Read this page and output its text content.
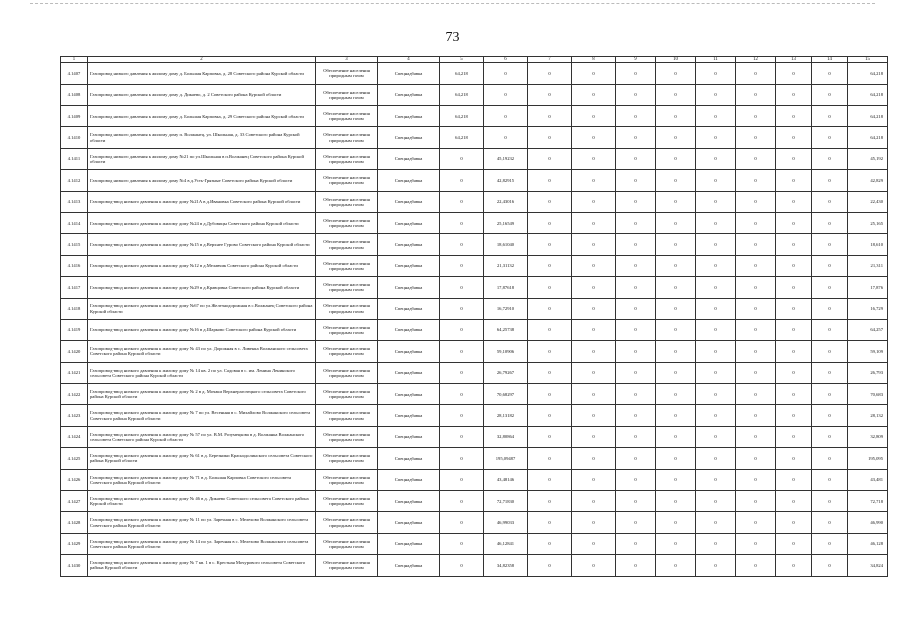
73
1	2	3	4	5	6	7	8	9	10	11	12	13	14	15
4.1407	Газопровод низкого давления к жилому дому д. Большая Карповка, д. 28 Советского района Курской области	Обеспечение населения природным газом	Спецнадбавка	64,218	0	0	0	0	0	0	0	0	0	64,218
4.1408	Газопровод низкого давления к жилому дому д. Дикаевo, д. 2 Советского района Курской области	Обеспечение населения природным газом	Спецнадбавка	64,218	0	0	0	0	0	0	0	0	0	64,218
4.1409	Газопровод низкого давления к жилому дому д. Большая Карповка, д. 29 Советского района Курской области	Обеспечение населения природным газом	Спецнадбавка	64,218	0	0	0	0	0	0	0	0	0	64,218
4.1410	Газопровод низкого давления к жилому дому п. Волжанец, ул. Школьная, д. 33 Советского района Курской области	Обеспечение населения природным газом	Спецнадбавка	64,218	0	0	0	0	0	0	0	0	0	64,218
4.1411	Газопровод низкого давления к жилому дому №21 по ул.Школьная в п.Волжанец Советского района Курской области	Обеспечение населения природным газом	Спецнадбавка	0	45,19232	0	0	0	0	0	0	0	0	45,192
4.1412	Газопровод низкого давления к жилому дому №4 в д.Усть-Грязные Советского района Курской области	Обеспечение населения природным газом	Спецнадбавка	0	42,82915	0	0	0	0	0	0	0	0	42,829
4.1413	Газопровод-ввод низкого давления к жилому дому №21А в д.Ивановка Советского района Курской области	Обеспечение населения природным газом	Спецнадбавка	0	22,43016	0	0	0	0	0	0	0	0	22,430
4.1414	Газопровод-ввод низкого давления к жилому дому №24 в д.Дубовицы Советского района Курской области	Обеспечение населения природным газом	Спецнадбавка	0	25,16549	0	0	0	0	0	0	0	0	25,165
4.1415	Газопровод-ввод низкого давления к жилому дому №15 в д.Верхнее Гурово Советского района Курской области	Обеспечение населения природным газом	Спецнадбавка	0	18,61040	0	0	0	0	0	0	0	0	18,610
4.1416	Газопровод-ввод низкого давления к жилому дому №12 в д.Мелавчик Советского района Курской области	Обеспечение населения природным газом	Спецнадбавка	0	21,31132	0	0	0	0	0	0	0	0	21,311
4.1417	Газопровод-ввод низкого давления к жилому дому №29 в д.Кравцовка Советского района Курской области	Обеспечение населения природным газом	Спецнадбавка	0	17,87618	0	0	0	0	0	0	0	0	17,876
4.1418	Газопровод-ввод низкого давления к жилому дому №67 по ул.Железнодорожная в с.Волжанец Советского района Курской области	Обеспечение населения природным газом	Спецнадбавка	0	16,72910	0	0	0	0	0	0	0	0	16,729
4.1419	Газопровод-ввод низкого давления к жилому дому №16 в д.Шарково Советского района Курской области	Обеспечение населения природным газом	Спецнадбавка	0	64,25738	0	0	0	0	0	0	0	0	64,257
4.1420	Газопровод-ввод низкого давления к жилому дому № 43 по ул. Дорожная в с. Ливенка Волжанского сельсовета Советского района Курской области	Обеспечение населения природным газом	Спецнадбавка	0	59,10906	0	0	0	0	0	0	0	0	59,109
4.1421	Газопровод-ввод низкого давления к жилому дому № 14 кв. 2 по ул. Садовая в с. им. Ленина Ленинского сельсовета Советского района Курской области	Обеспечение населения природным газом	Спецнадбавка	0	26,79267	0	0	0	0	0	0	0	0	26,793
4.1422	Газопровод-ввод низкого давления к жилому дому № 2 в д. Мочаки Верхнерагозецкого сельсовета Советского района Курской области	Обеспечение населения природным газом	Спецнадбавка	0	70,68297	0	0	0	0	0	0	0	0	70,683
4.1423	Газопровод-ввод низкого давления к жилому дому № 7 по ул. Весенняя в с. Михайлово Волжанского сельсовета Советского района Курской области	Обеспечение населения природным газом	Спецнадбавка	0	28,13182	0	0	0	0	0	0	0	0	28,132
4.1424	Газопровод-ввод низкого давления к жилому дому № 57 по ул. В.М. Розумецкова в д. Волжанка Волжанского сельсовета Советского района Курской области	Обеспечение населения природным газом	Спецнадбавка	0	32,80864	0	0	0	0	0	0	0	0	32,809
4.1425	Газопровод-ввод низкого давления к жилому дому № 61 в д. Березники Краснодолинского сельсовета Советского района Курской области	Обеспечение населения природным газом	Спецнадбавка	0	195,09487	0	0	0	0	0	0	0	0	195,095
4.1426	Газопровод-ввод низкого давления к жилому дому № 71 в д. Большая Карповка Советского сельсовета Советского района Курской области	Обеспечение населения природным газом	Спецнадбавка	0	43,48146	0	0	0	0	0	0	0	0	43,481
4.1427	Газопровод-ввод низкого давления к жилому дому № 46 в д. Дикаево Советского сельсовета Советского района Курской области	Обеспечение населения природным газом	Спецнадбавка	0	72,71830	0	0	0	0	0	0	0	0	72,718
4.1428	Газопровод-ввод низкого давления к жилому дому № 11 по ул. Заречная в с. Мелехово Волжанского сельсовета Советского района Курской области	Обеспечение населения природным газом	Спецнадбавка	0	46,99033	0	0	0	0	0	0	0	0	46,990
4.1429	Газопровод-ввод низкого давления к жилому дому № 14 по ул. Заречная в с. Мелехово Волжанского сельсовета Советского района Курской области	Обеспечение населения природным газом	Спецнадбавка	0	46,12841	0	0	0	0	0	0	0	0	46,128
4.1430	Газопровод-ввод низкого давления к жилому дому № 7 кв. 1 в с. Крестная Мочурового сельсовета Советского района Курской области	Обеспечение населения природным газом	Спецнадбавка	0	34,82358	0	0	0	0	0	0	0	0	34,824
